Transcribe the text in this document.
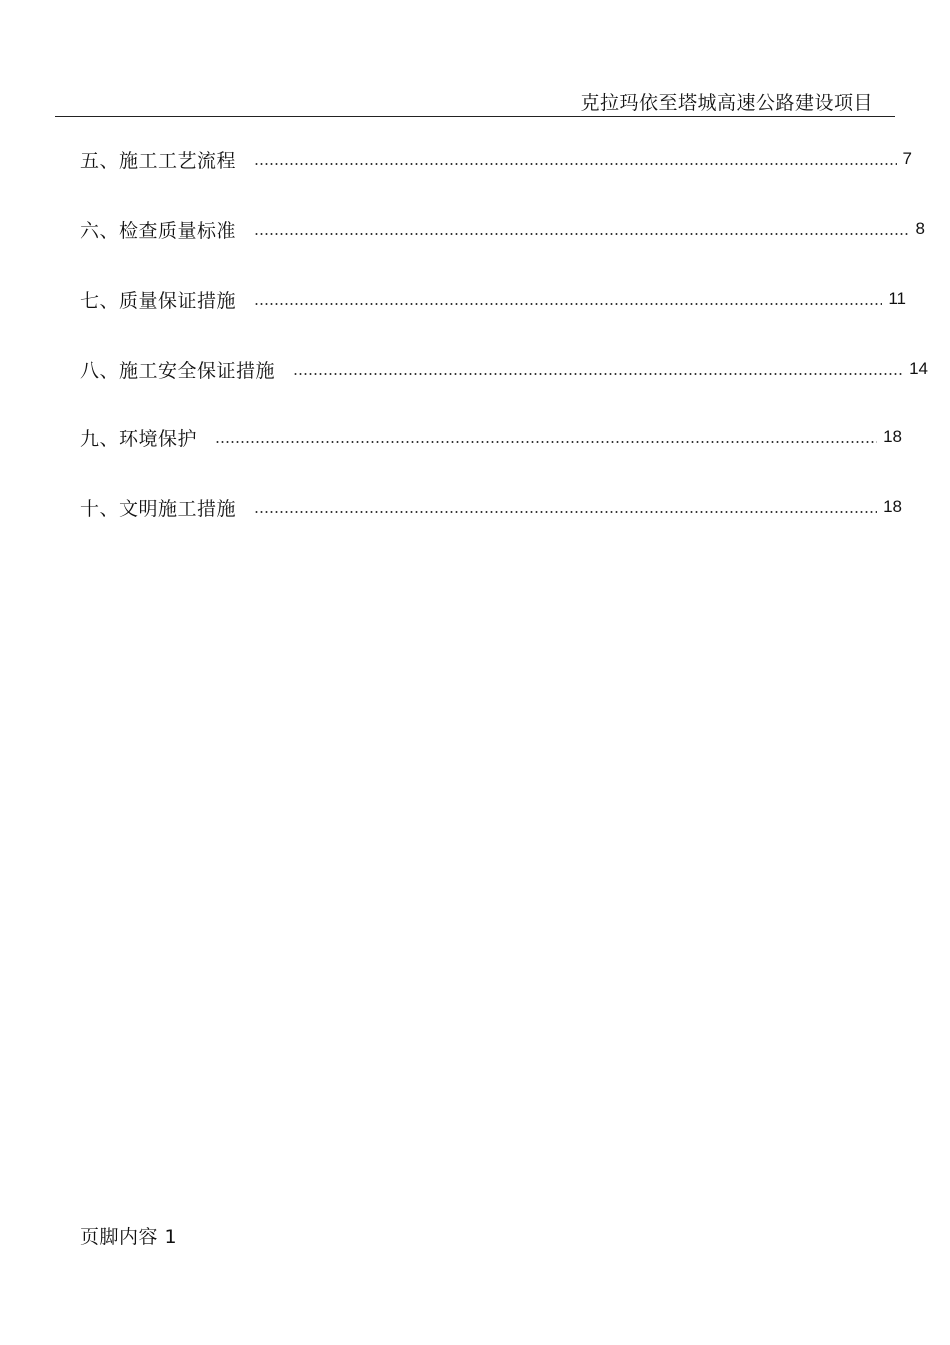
克拉玛依至塔城高速公路建设项目
五、施工工艺流程	7
六、检查质量标准	8
七、质量保证措施	11
八、施工安全保证措施	14
九、环境保护	18
十、文明施工措施	18
页脚内容 1
